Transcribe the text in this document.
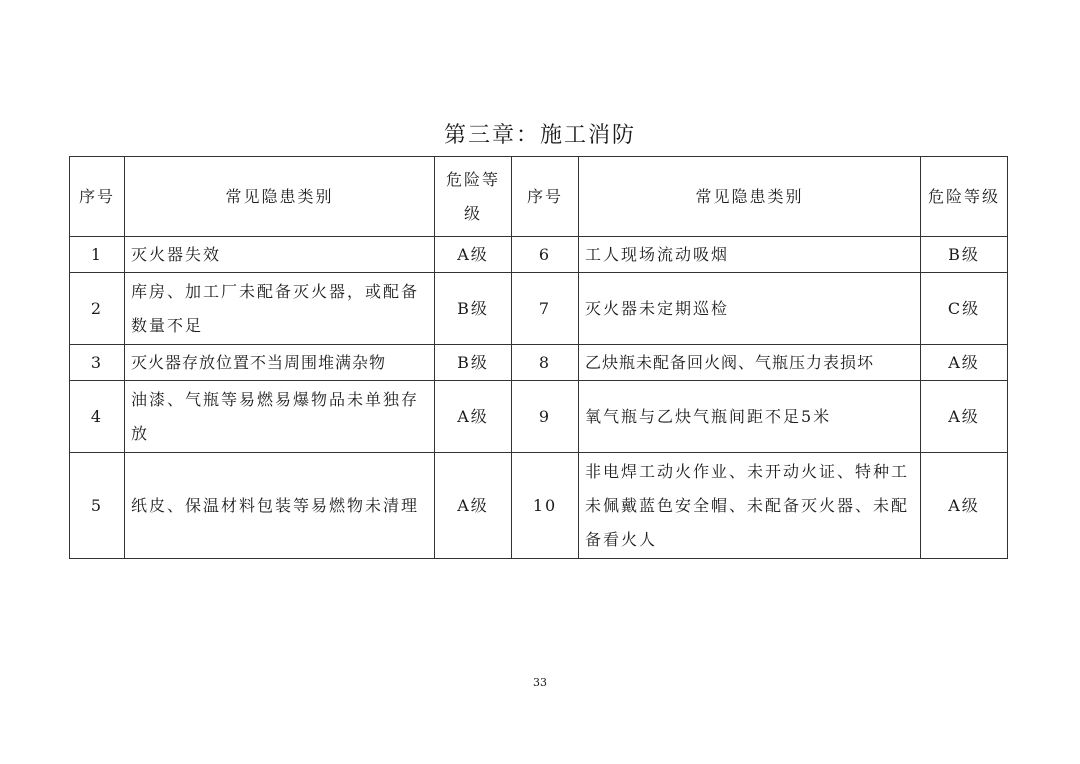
第三章：施工消防
序号	常见隐患类别	危险等级	序号	常见隐患类别	危险等级
1	灭火器失效	A级	6	工人现场流动吸烟	B级
2	库房、加工厂未配备灭火器，或配备数量不足	B级	7	灭火器未定期巡检	C级
3	灭火器存放位置不当周围堆满杂物	B级	8	乙炔瓶未配备回火阀、气瓶压力表损坏	A级
4	油漆、气瓶等易燃易爆物品未单独存放	A级	9	氧气瓶与乙炔气瓶间距不足5米	A级
5	纸皮、保温材料包装等易燃物未清理	A级	10	非电焊工动火作业、未开动火证、特种工未佩戴蓝色安全帽、未配备灭火器、未配备看火人	A级
33
